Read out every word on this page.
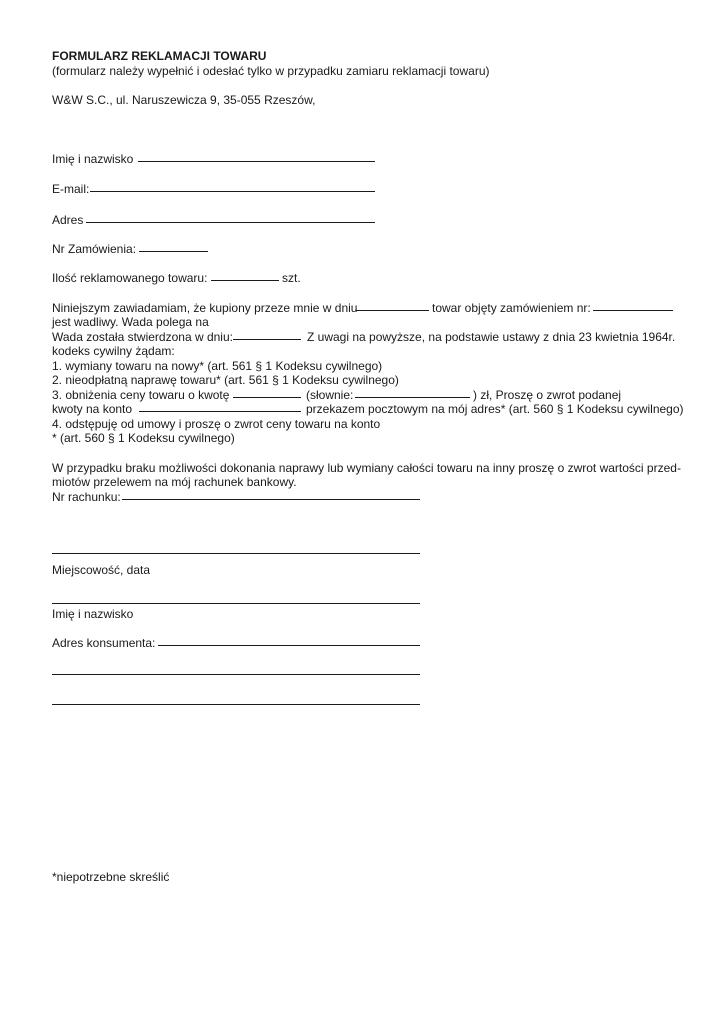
FORMULARZ REKLAMACJI TOWARU
(formularz należy wypełnić i odesłać tylko w przypadku zamiaru reklamacji towaru)
W&W S.C., ul. Naruszewicza 9, 35-055 Rzeszów,
Imię i nazwisko
E-mail:
Adres
Nr Zamówienia:
Ilość reklamowanego towaru:	szt.
Niniejszym zawiadamiam, że kupiony przeze mnie w dniu	towar objęty zamówieniem nr:
jest wadliwy. Wada polega na
Wada została stwierdzona w dniu:	Z uwagi na powyższe, na podstawie ustawy z dnia 23 kwietnia 1964r.
kodeks cywilny żądam:
1. wymiany towaru na nowy* (art. 561 § 1 Kodeksu cywilnego)
2. nieodpłatną naprawę towaru* (art. 561 § 1 Kodeksu cywilnego)
3. obniżenia ceny towaru o kwotę	(słownie:	) zł, Proszę o zwrot podanej
kwoty na konto	przekazem pocztowym na mój adres* (art. 560 § 1 Kodeksu cywilnego)
4. odstępuję od umowy i proszę o zwrot ceny towaru na konto
* (art. 560 § 1 Kodeksu cywilnego)
W przypadku braku możliwości dokonania naprawy lub wymiany całości towaru na inny proszę o zwrot wartości przed-
miotów przelewem na mój rachunek bankowy.
Nr rachunku:
Miejscowość, data
Imię i nazwisko
Adres konsumenta:
*niepotrzebne skreślić
